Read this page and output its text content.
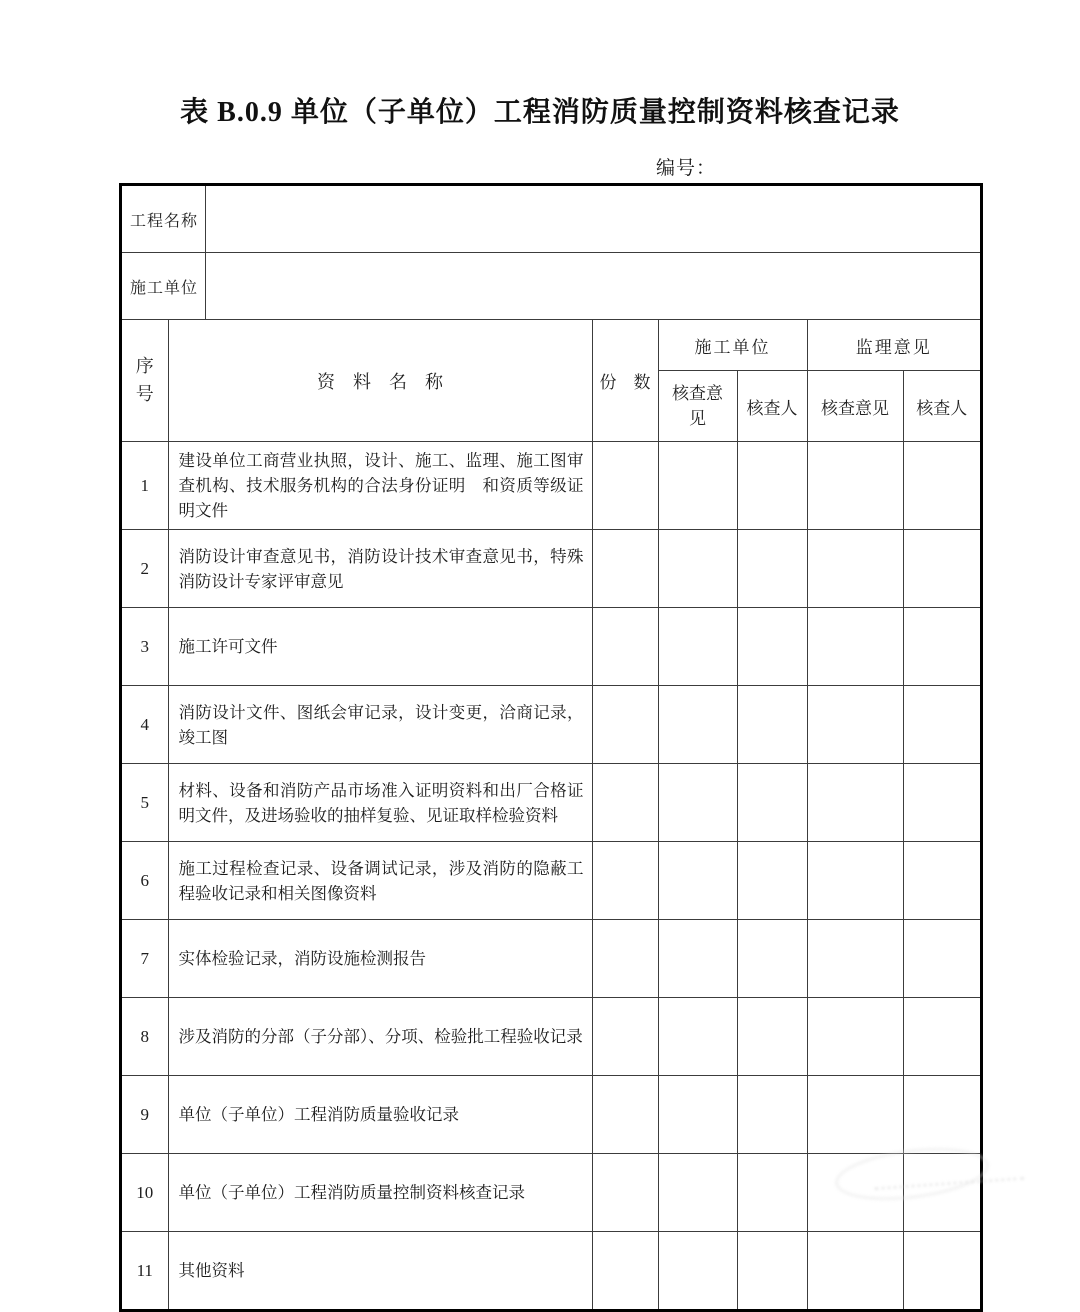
表 B.0.9 单位（子单位）工程消防质量控制资料核查记录
编号：
工程名称	
施工单位	
序号	资　料　名　称	份　数	施工单位		监理意见	
			核查意见	核查人	核查意见	核查人
1	建设单位工商营业执照，设计、施工、监理、施工图审查机构、技术服务机构的合法身份证明　和资质等级证明文件					
2	消防设计审查意见书，消防设计技术审查意见书，特殊消防设计专家评审意见					
3	施工许可文件					
4	消防设计文件、图纸会审记录，设计变更，洽商记录，竣工图					
5	材料、设备和消防产品市场准入证明资料和出厂合格证明文件，及进场验收的抽样复验、见证取样检验资料					
6	施工过程检查记录、设备调试记录，涉及消防的隐蔽工程验收记录和相关图像资料					
7	实体检验记录，消防设施检测报告					
8	涉及消防的分部（子分部）、分项、检验批工程验收记录					
9	单位（子单位）工程消防质量验收记录					
10	单位（子单位）工程消防质量控制资料核查记录					
11	其他资料					
